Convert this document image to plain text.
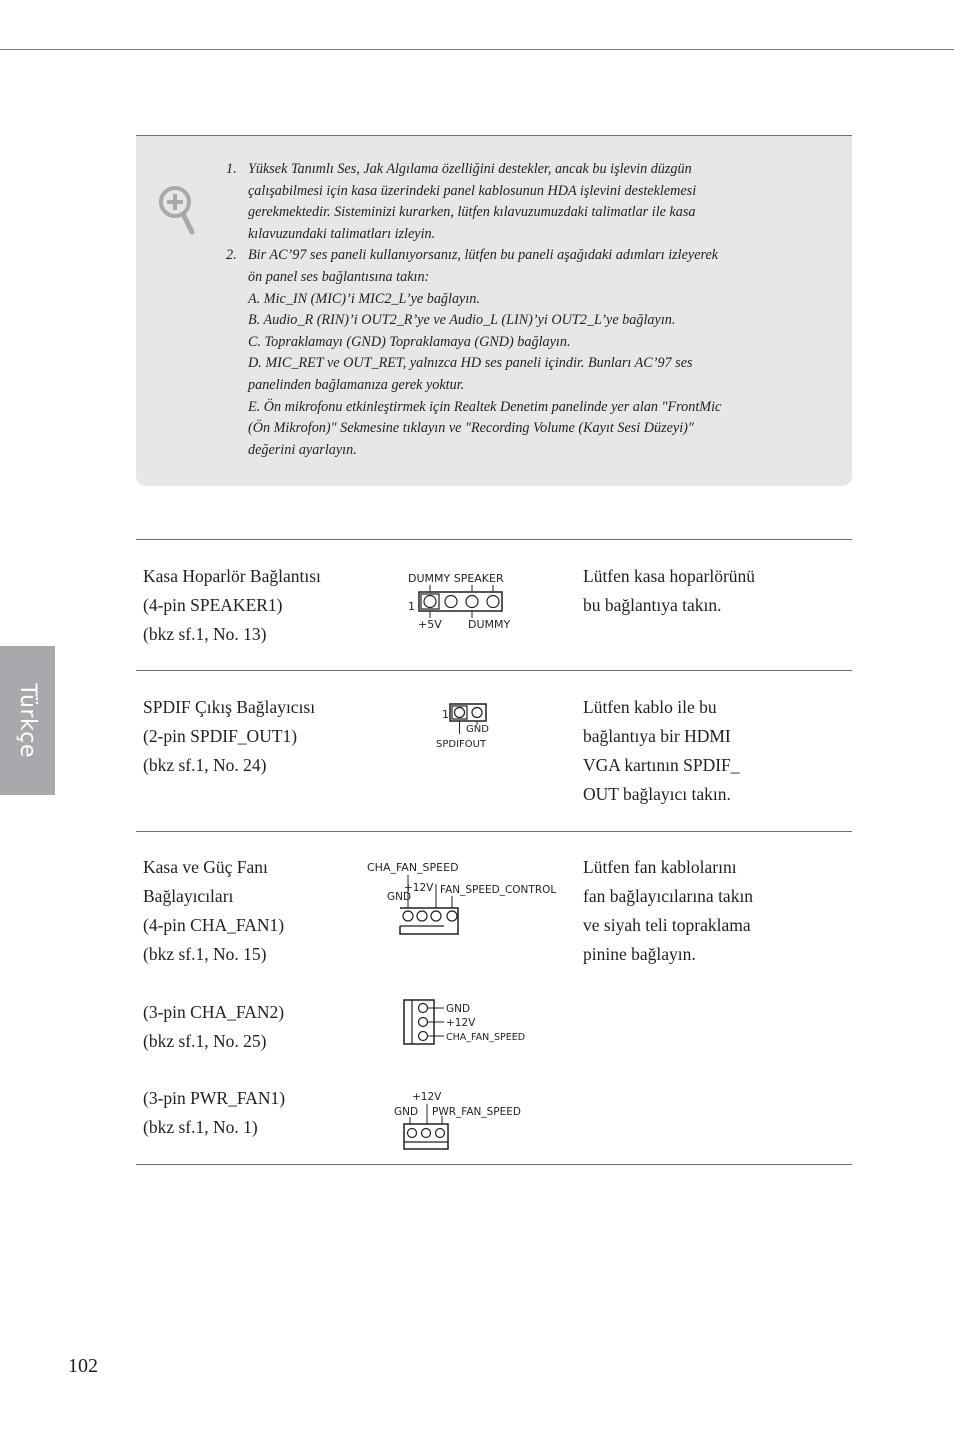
Türkçe
1. Yüksek Tanımlı Ses, Jak Algılama özelliğini destekler, ancak bu işlevin düzgün
çalışabilmesi için kasa üzerindeki panel kablosunun HDA işlevini desteklemesi
gerekmektedir. Sisteminizi kurarken, lütfen kılavuzumuzdaki talimatlar ile kasa
kılavuzundaki talimatları izleyin.
2. Bir AC’97 ses paneli kullanıyorsanız, lütfen bu paneli aşağıdaki adımları izleyerek
ön panel ses bağlantısına takın:
A. Mic_IN (MIC)’i MIC2_L’ye bağlayın.
B. Audio_R (RIN)’i OUT2_R’ye ve Audio_L (LIN)’yi OUT2_L’ye bağlayın.
C. Topraklamayı (GND) Topraklamaya (GND) bağlayın.
D. MIC_RET ve OUT_RET, yalnızca HD ses paneli içindir. Bunları AC’97 ses
panelinden bağlamanıza gerek yoktur.
E. Ön mikrofonu etkinleştirmek için Realtek Denetim panelinde yer alan "FrontMic
(Ön Mikrofon)" Sekmesine tıklayın ve "Recording Volume (Kayıt Sesi Düzeyi)"
değerini ayarlayın.
Kasa Hoparlör Bağlantısı
(4-pin SPEAKER1)
(bkz sf.1, No. 13)
DUMMY SPEAKER
1
+5V DUMMY
Lütfen kasa hoparlörünü
bu bağlantıya takın.
SPDIF Çıkış Bağlayıcısı
(2-pin SPDIF_OUT1)
(bkz sf.1, No. 24)
1
GND
SPDIFOUT
Lütfen kablo ile bu
bağlantıya bir HDMI
VGA kartının SPDIF_
OUT bağlayıcı takın.
Kasa ve Güç Fanı
Bağlayıcıları
(4-pin CHA_FAN1)
(bkz sf.1, No. 15)
(3-pin CHA_FAN2)
(bkz sf.1, No. 25)
(3-pin PWR_FAN1)
(bkz sf.1, No. 1)
Lütfen fan kablolarını
fan bağlayıcılarına takın
ve siyah teli topraklama
pinine bağlayın.
CHA_FAN_SPEED
+12V
GND
FAN_SPEED_CONTROL
GND
+12V
CHA_FAN_SPEED
+12V
GND PWR_FAN_SPEED
102
